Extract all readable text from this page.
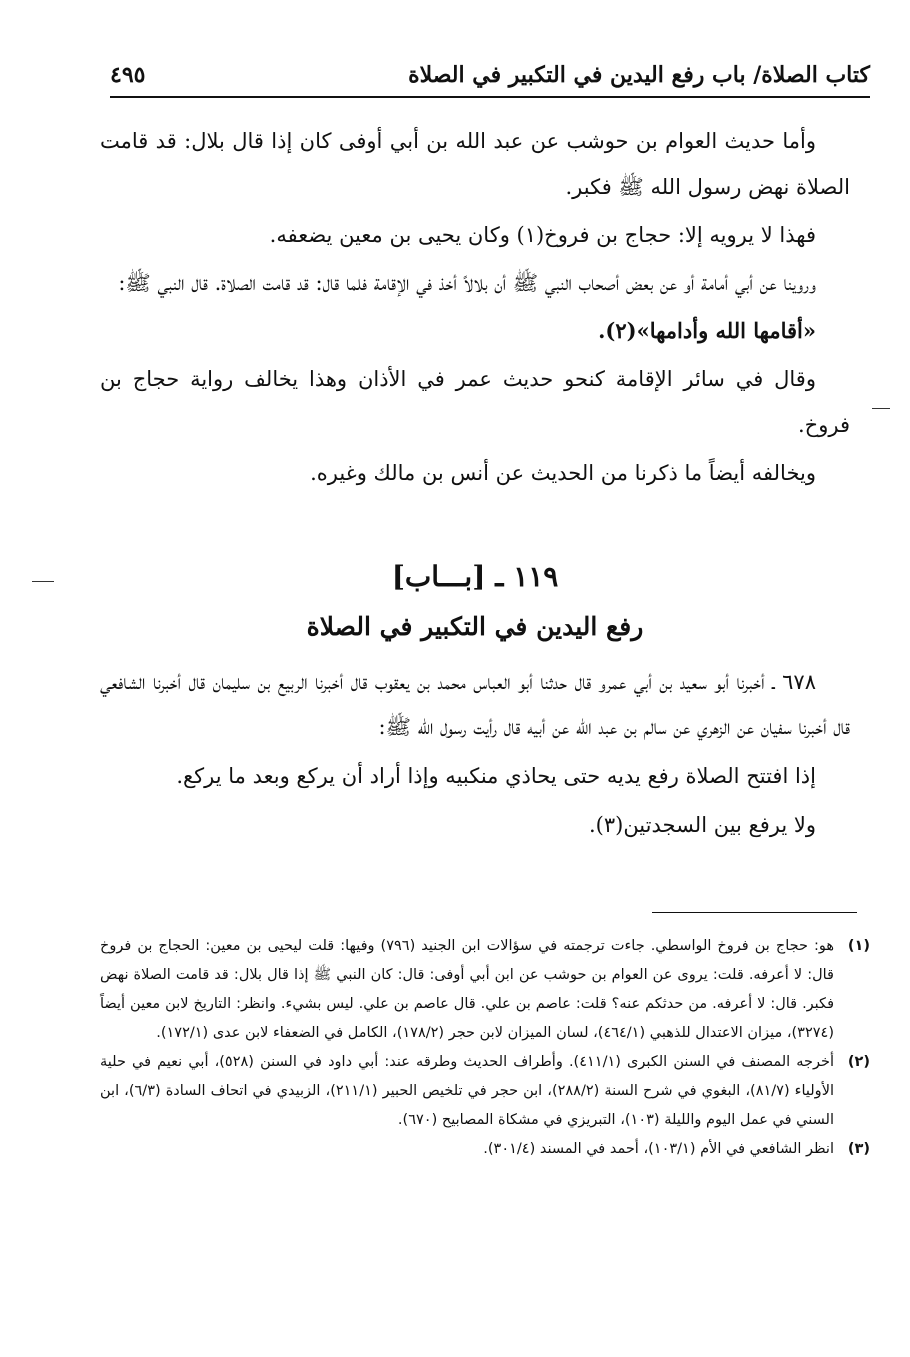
كتاب الصلاة/ باب رفع اليدين في التكبير في الصلاة
٤٩٥

وأما حديث العوام بن حوشب عن عبد الله بن أبي أوفى كان إذا قال بلال: قد قامت الصلاة نهض رسول الله ﷺ فكبر.

فهذا لا يرويه إلا: حجاج بن فروخ(١) وكان يحيى بن معين يضعفه.

وروينا عن أبي أمامة أو عن بعض أصحاب النبي ﷺ أن بلالاً أخذ في الإقامة فلما قال: قد قامت الصلاة. قال النبي ﷺ:

«أقامها الله وأدامها»(٢).

وقال في سائر الإقامة كنحو حديث عمر في الأذان وهذا يخالف رواية حجاج بن فروخ.

ويخالفه أيضاً ما ذكرنا من الحديث عن أنس بن مالك وغيره.

١١٩ ـ [بـــاب]
رفع اليدين في التكبير في الصلاة

٦٧٨ ـ أخبرنا أبو سعيد بن أبي عمرو قال حدثنا أبو العباس محمد بن يعقوب قال أخبرنا الربيع بن سليمان قال أخبرنا الشافعي قال أخبرنا سفيان عن الزهري عن سالم بن عبد الله عن أبيه قال رأيت رسول الله ﷺ:

إذا افتتح الصلاة رفع يديه حتى يحاذي منكبيه وإذا أراد أن يركع وبعد ما يركع.

ولا يرفع بين السجدتين(٣).

(١)
هو: حجاج بن فروخ الواسطي. جاءت ترجمته في سؤالات ابن الجنيد (٧٩٦) وفيها: قلت ليحيى بن معين: الحجاج بن فروخ قال: لا أعرفه. قلت: يروى عن العوام بن حوشب عن ابن أبي أوفى: قال: كان النبي ﷺ إذا قال بلال: قد قامت الصلاة نهض فكبر. قال: لا أعرفه. من حدثكم عنه؟ قلت: عاصم بن علي. قال عاصم بن علي. ليس بشيء. وانظر: التاريخ لابن معين أيضاً (٣٢٧٤)، ميزان الاعتدال للذهبي (٤٦٤/١)، لسان الميزان لابن حجر (١٧٨/٢)، الكامل في الضعفاء لابن عدى (١٧٢/١).
(٢)
أخرجه المصنف في السنن الكبرى (٤١١/١). وأطراف الحديث وطرقه عند: أبي داود في السنن (٥٢٨)، أبي نعيم في حلية الأولياء (٨١/٧)، البغوي في شرح السنة (٢٨٨/٢)، ابن حجر في تلخيص الحبير (٢١١/١)، الزبيدي في اتحاف السادة (٦/٣)، ابن السني في عمل اليوم والليلة (١٠٣)، التبريزي في مشكاة المصابيح (٦٧٠).
(٣)
انظر الشافعي في الأم (١٠٣/١)، أحمد في المسند (٣٠١/٤).
